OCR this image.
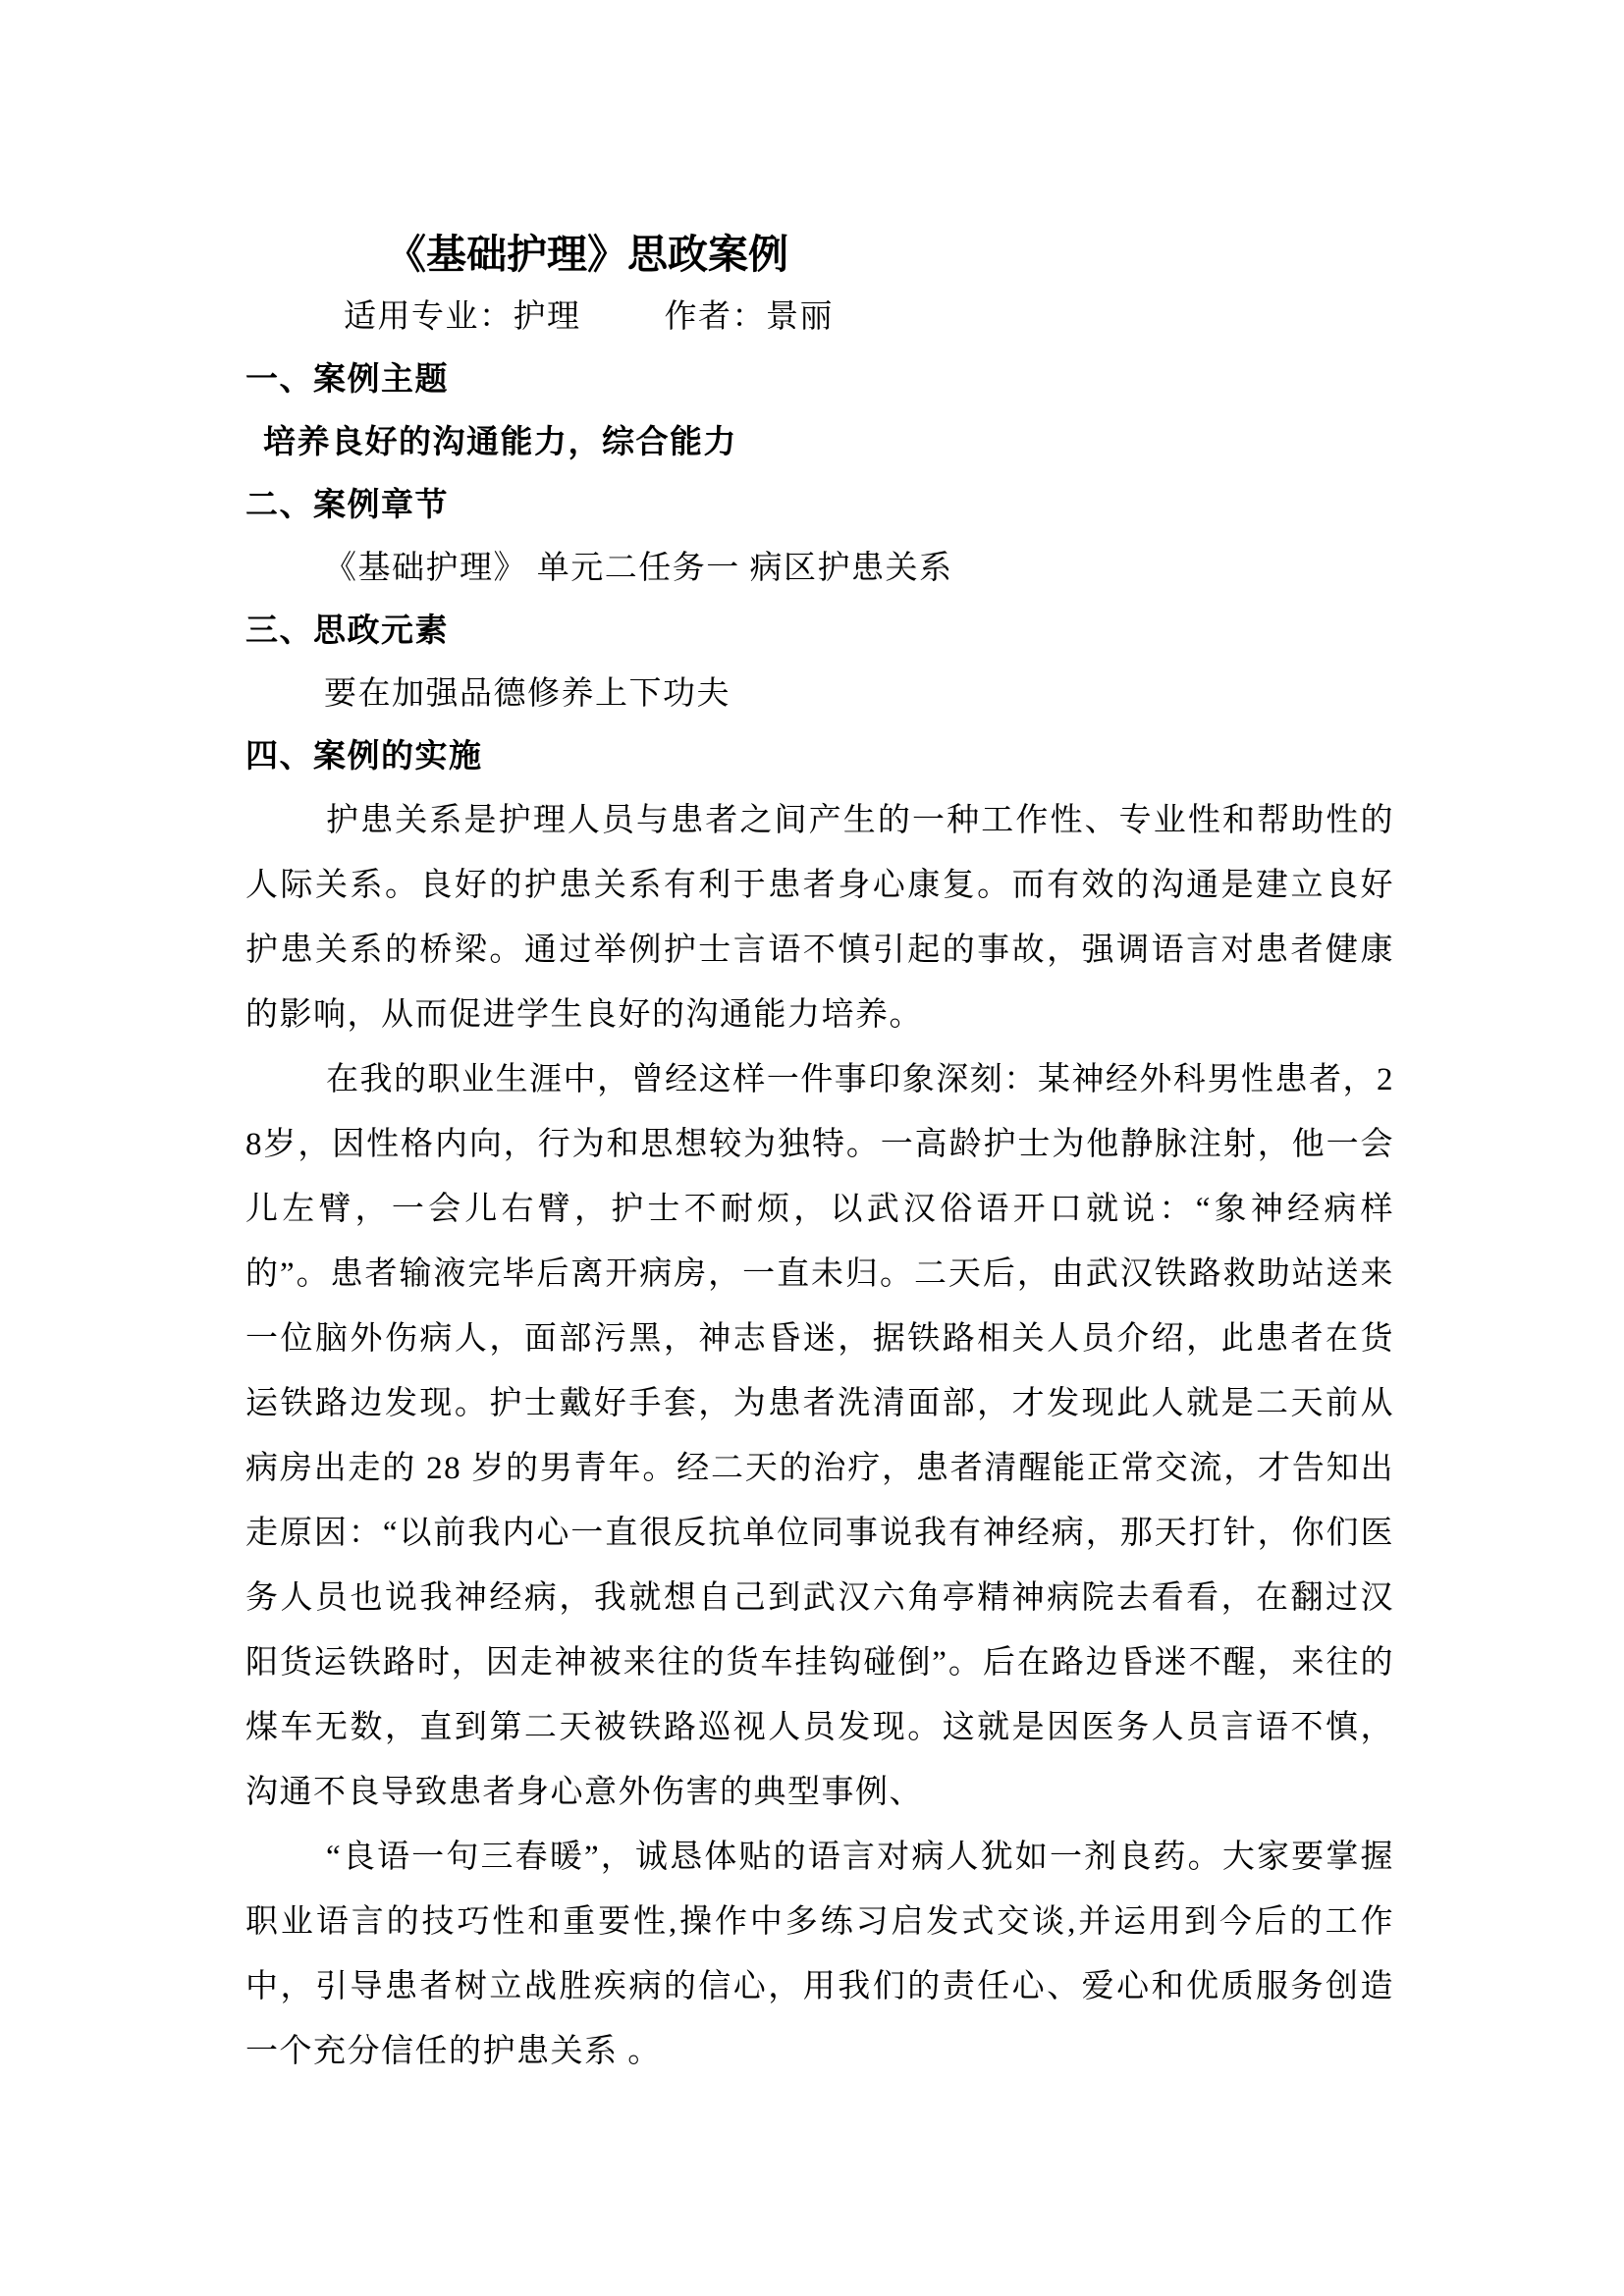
《基础护理》思政案例

适用专业：护理	作者：景丽

一、案例主题

培养良好的沟通能力，综合能力

二、案例章节

《基础护理》 单元二任务一 病区护患关系

三、思政元素

要在加强品德修养上下功夫

四、案例的实施

护患关系是护理人员与患者之间产生的一种工作性、专业性和帮助性的人际关系。良好的护患关系有利于患者身心康复。而有效的沟通是建立良好护患关系的桥梁。通过举例护士言语不慎引起的事故，强调语言对患者健康的影响，从而促进学生良好的沟通能力培养。

在我的职业生涯中，曾经这样一件事印象深刻：某神经外科男性患者，28岁，因性格内向，行为和思想较为独特。一高龄护士为他静脉注射，他一会儿左臂，一会儿右臂，护士不耐烦，以武汉俗语开口就说：“象神经病样的”。患者输液完毕后离开病房，一直未归。二天后，由武汉铁路救助站送来一位脑外伤病人，面部污黑，神志昏迷，据铁路相关人员介绍，此患者在货运铁路边发现。护士戴好手套，为患者洗清面部，才发现此人就是二天前从病房出走的 28 岁的男青年。经二天的治疗，患者清醒能正常交流，才告知出走原因：“以前我内心一直很反抗单位同事说我有神经病，那天打针，你们医务人员也说我神经病，我就想自己到武汉六角亭精神病院去看看，在翻过汉阳货运铁路时，因走神被来往的货车挂钩碰倒”。后在路边昏迷不醒，来往的煤车无数，直到第二天被铁路巡视人员发现。这就是因医务人员言语不慎，沟通不良导致患者身心意外伤害的典型事例、

“良语一句三春暖”，诚恳体贴的语言对病人犹如一剂良药。大家要掌握职业语言的技巧性和重要性,操作中多练习启发式交谈,并运用到今后的工作中，引导患者树立战胜疾病的信心，用我们的责任心、爱心和优质服务创造一个充分信任的护患关系 。
